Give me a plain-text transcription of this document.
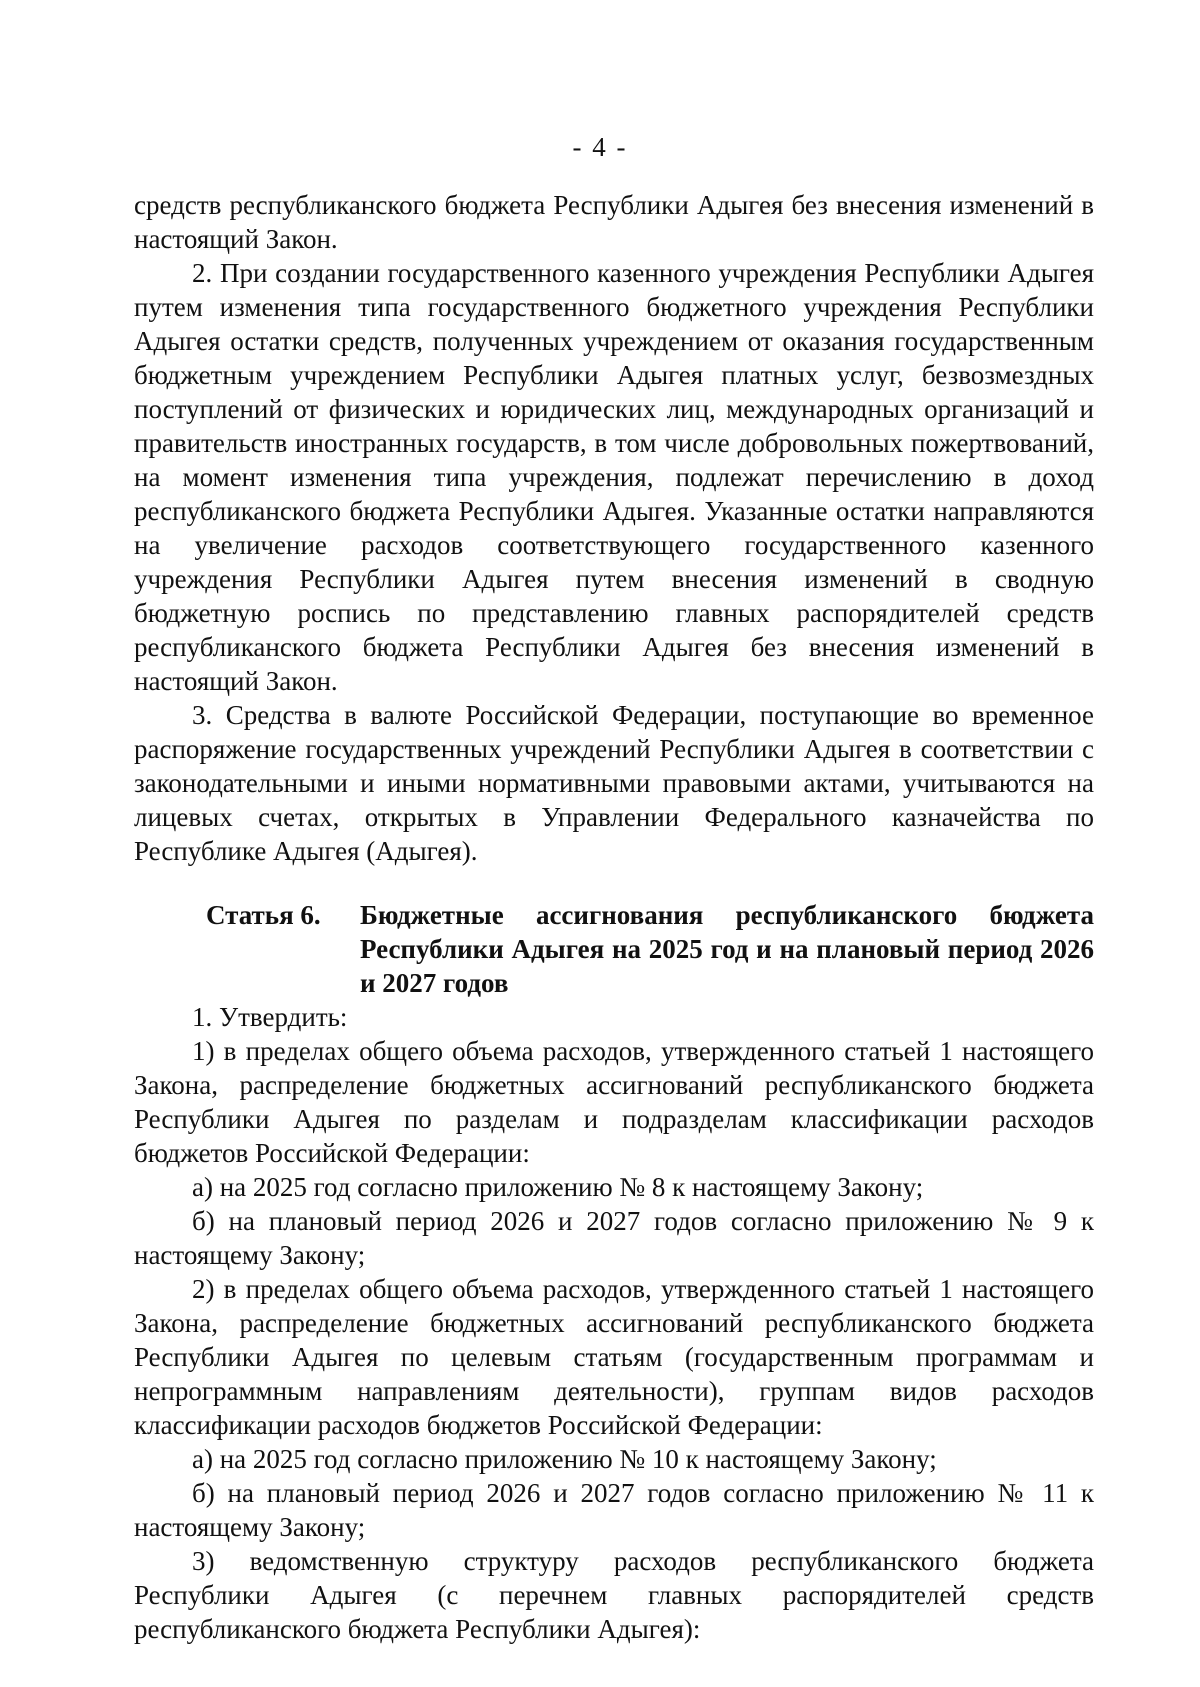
- 4 -

средств республиканского бюджета Республики Адыгея без внесения изменений в настоящий Закон.

2. При создании государственного казенного учреждения Республики Адыгея путем изменения типа государственного бюджетного учреждения Республики Адыгея остатки средств, полученных учреждением от оказания государственным бюджетным учреждением Республики Адыгея платных услуг, безвозмездных поступлений от физических и юридических лиц, международных организаций и правительств иностранных государств, в том числе добровольных пожертвований, на момент изменения типа учреждения, подлежат перечислению в доход республиканского бюджета Республики Адыгея. Указанные остатки направляются на увеличение расходов соответствующего государственного казенного учреждения Республики Адыгея путем внесения изменений в сводную бюджетную роспись по представлению главных распорядителей средств республиканского бюджета Республики Адыгея без внесения изменений в настоящий Закон.

3. Средства в валюте Российской Федерации, поступающие во временное распоряжение государственных учреждений Республики Адыгея в соответствии с законодательными и иными нормативными правовыми актами, учитываются на лицевых счетах, открытых в Управлении Федерального казначейства по Республике Адыгея (Адыгея).

Статья 6.	Бюджетные ассигнования республиканского бюджета Республики Адыгея на 2025 год и на плановый период 2026 и 2027 годов

1. Утвердить:

1) в пределах общего объема расходов, утвержденного статьей 1 настоящего Закона, распределение бюджетных ассигнований республиканского бюджета Республики Адыгея по разделам и подразделам классификации расходов бюджетов Российской Федерации:

а) на 2025 год согласно приложению № 8 к настоящему Закону;

б) на плановый период 2026 и 2027 годов согласно приложению № 9 к настоящему Закону;

2) в пределах общего объема расходов, утвержденного статьей 1 настоящего Закона, распределение бюджетных ассигнований республиканского бюджета Республики Адыгея по целевым статьям (государственным программам и непрограммным направлениям деятельности), группам видов расходов классификации расходов бюджетов Российской Федерации:

а) на 2025 год согласно приложению № 10 к настоящему Закону;

б) на плановый период 2026 и 2027 годов согласно приложению № 11 к настоящему Закону;

3) ведомственную структуру расходов республиканского бюджета Республики Адыгея (с перечнем главных распорядителей средств республиканского бюджета Республики Адыгея):
